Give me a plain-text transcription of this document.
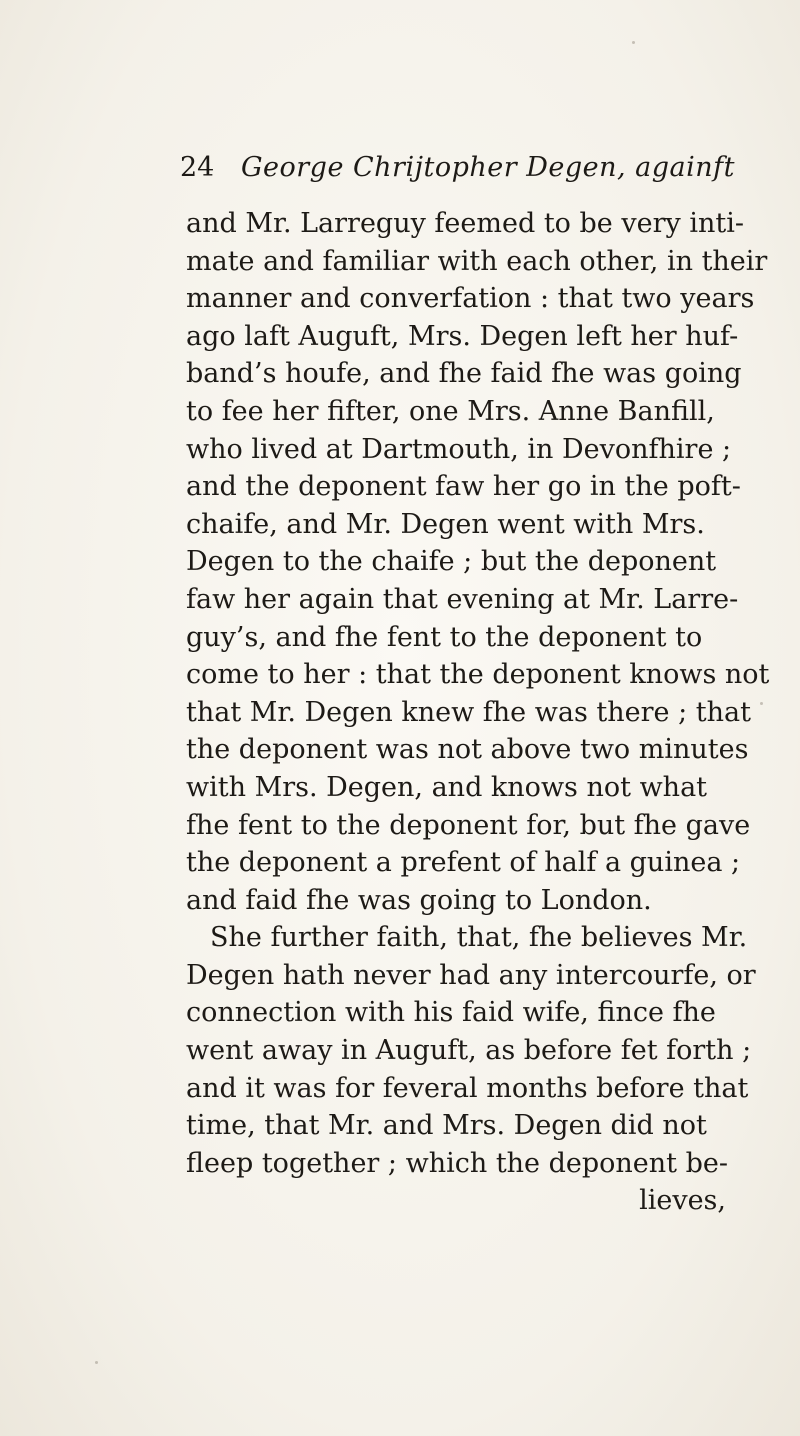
24 George Chrijtopher Degen, againft
and Mr. Larreguy feemed to be very inti-
mate and familiar with each other, in their
manner and converfation : that two years
ago laft Auguft, Mrs. Degen left her huf-
band’s houfe, and fhe faid fhe was going
to fee her fifter, one Mrs. Anne Banfill,
who lived at Dartmouth, in Devonfhire ;
and the deponent faw her go in the poft-
chaife, and Mr. Degen went with Mrs.
Degen to the chaife ; but the deponent
faw her again that evening at Mr. Larre-
guy’s, and fhe fent to the deponent to
come to her : that the deponent knows not
that Mr. Degen knew fhe was there ; that
the deponent was not above two minutes
with Mrs. Degen, and knows not what
fhe fent to the deponent for, but fhe gave
the deponent a prefent of half a guinea ;
and faid fhe was going to London.
She further faith, that, fhe believes Mr.
Degen hath never had any intercourfe, or
connection with his faid wife, fince fhe
went away in Auguft, as before fet forth ;
and it was for feveral months before that
time, that Mr. and Mrs. Degen did not
fleep together ; which the deponent be-
lieves,
